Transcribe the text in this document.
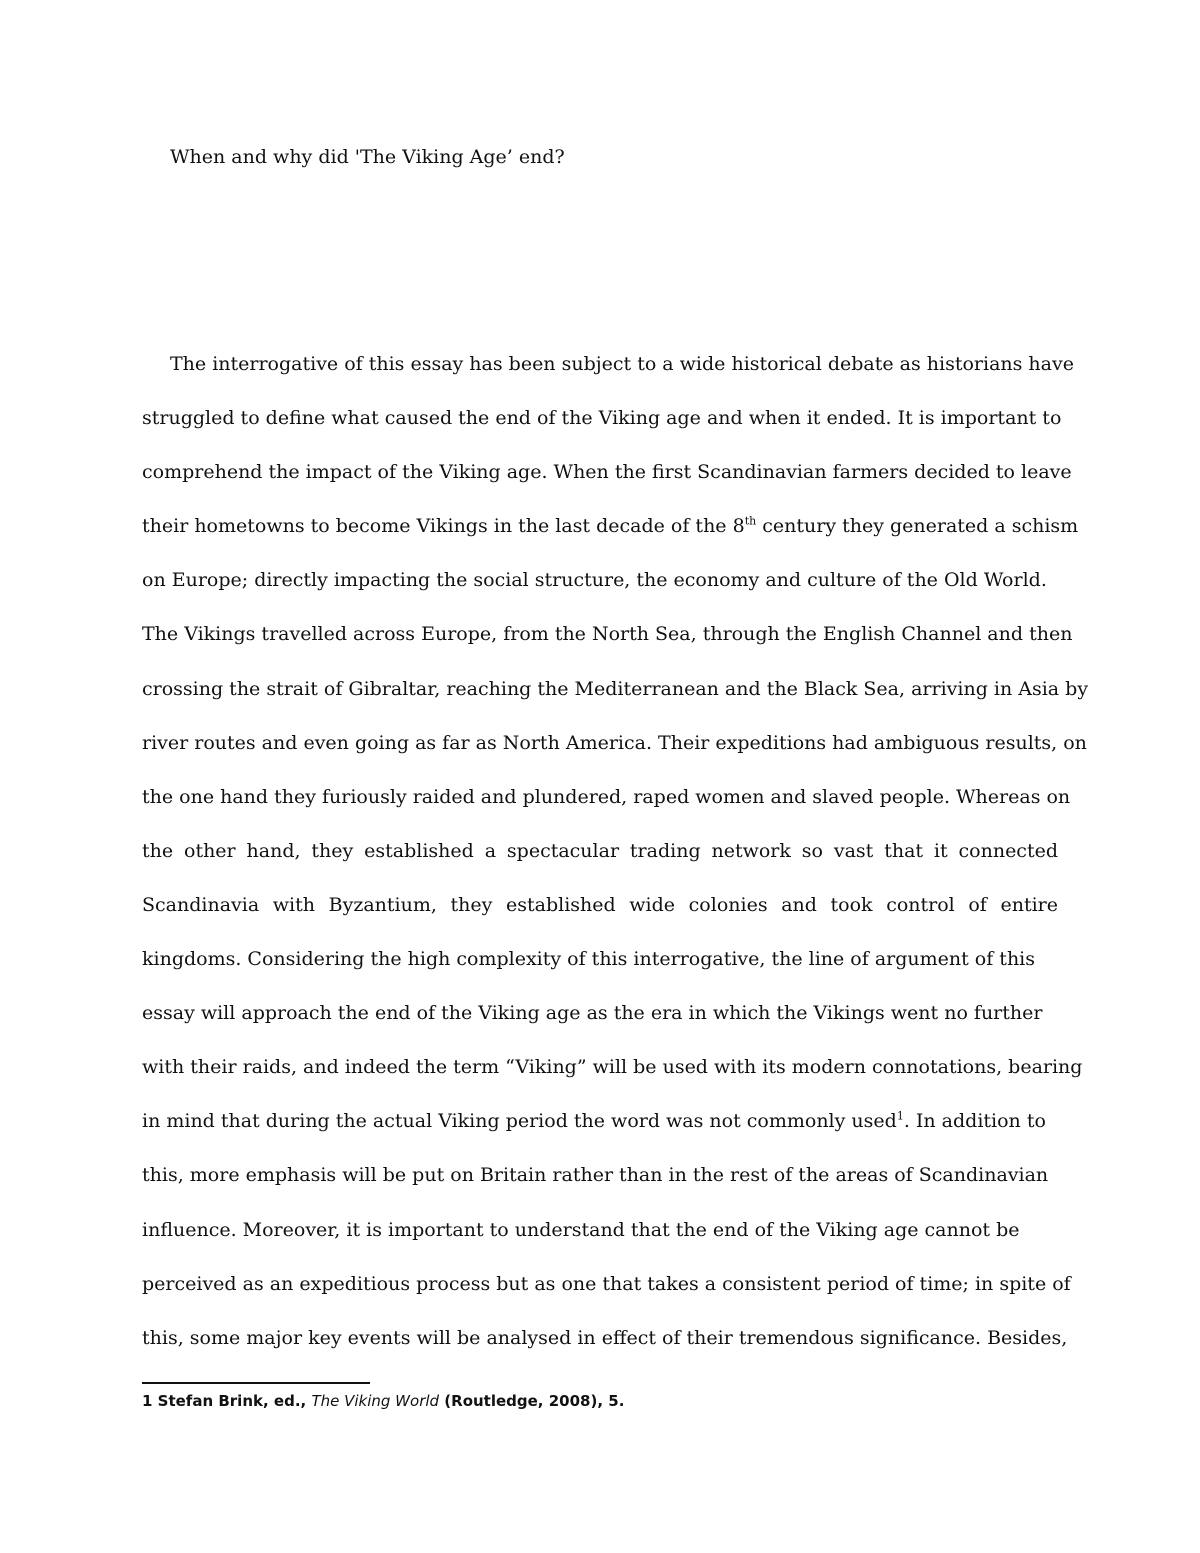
When and why did 'The Viking Age’ end?
The interrogative of this essay has been subject to a wide historical debate as historians have
struggled to define what caused the end of the Viking age and when it ended. It is important to
comprehend the impact of the Viking age. When the first Scandinavian farmers decided to leave
their hometowns to become Vikings in the last decade of the 8th century they generated a schism
on Europe; directly impacting the social structure, the economy and culture of the Old World.
The Vikings travelled across Europe, from the North Sea, through the English Channel and then
crossing the strait of Gibraltar, reaching the Mediterranean and the Black Sea, arriving in Asia by
river routes and even going as far as North America. Their expeditions had ambiguous results, on
the one hand they furiously raided and plundered, raped women and slaved people. Whereas on
the other hand, they established a spectacular trading network so vast that it connected
Scandinavia with Byzantium, they established wide colonies and took control of entire
kingdoms. Considering the high complexity of this interrogative, the line of argument of this
essay will approach the end of the Viking age as the era in which the Vikings went no further
with their raids, and indeed the term “Viking” will be used with its modern connotations, bearing
in mind that during the actual Viking period the word was not commonly used$^1$. In addition to
this, more emphasis will be put on Britain rather than in the rest of the areas of Scandinavian
influence. Moreover, it is important to understand that the end of the Viking age cannot be
perceived as an expeditious process but as one that takes a consistent period of time; in spite of
this, some major key events will be analysed in effect of their tremendous significance. Besides,
1 Stefan Brink, ed., The Viking World (Routledge, 2008), 5.
